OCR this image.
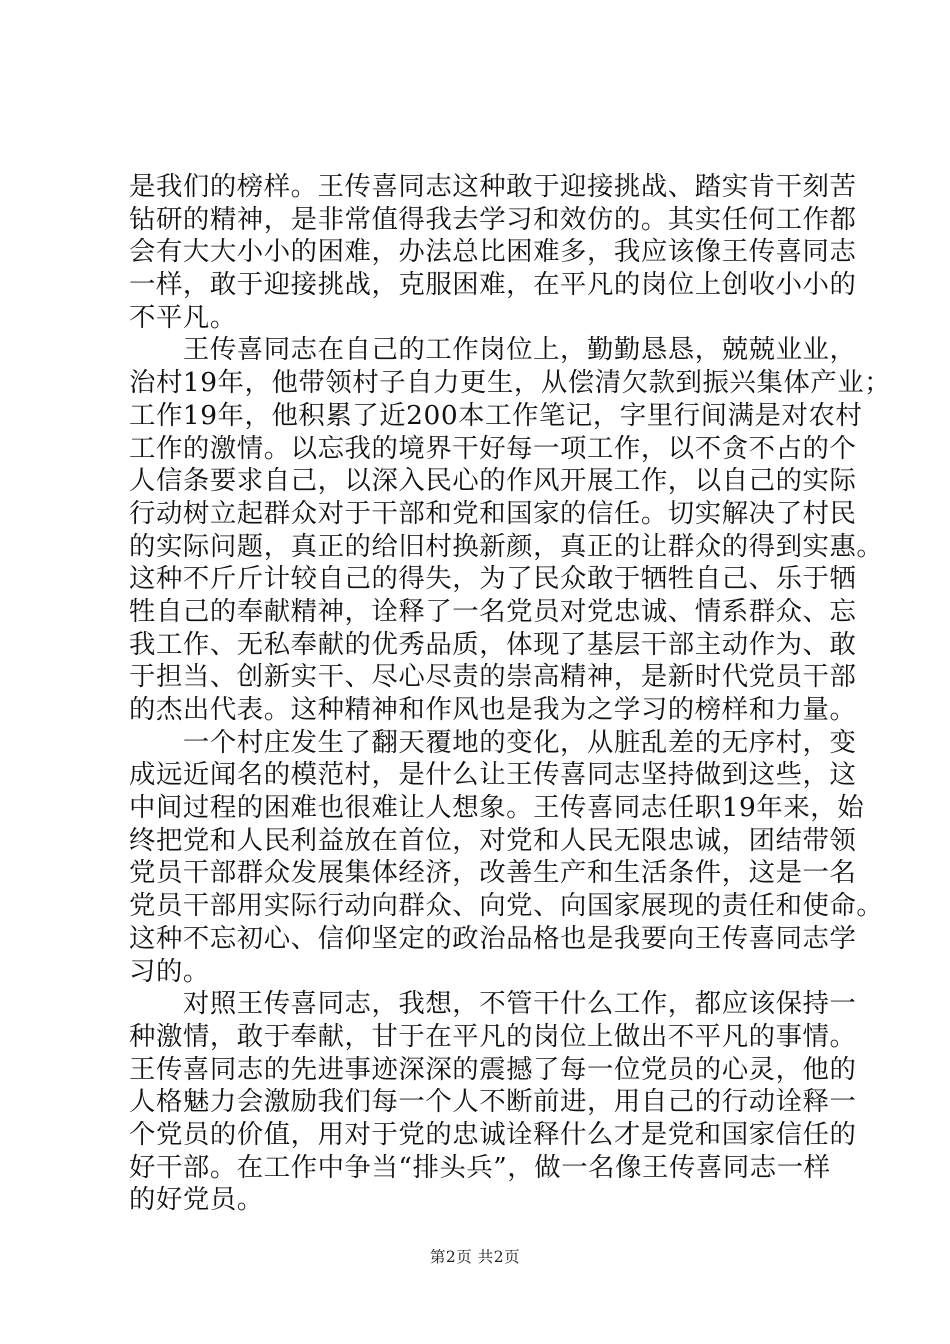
是我们的榜样。王传喜同志这种敢于迎接挑战、踏实肯干刻苦
钻研的精神，是非常值得我去学习和效仿的。其实任何工作都
会有大大小小的困难，办法总比困难多，我应该像王传喜同志
一样，敢于迎接挑战，克服困难，在平凡的岗位上创收小小的
不平凡。
　　王传喜同志在自己的工作岗位上，勤勤恳恳，兢兢业业，
治村19年，他带领村子自力更生，从偿清欠款到振兴集体产业；
工作19年，他积累了近200本工作笔记，字里行间满是对农村
工作的激情。以忘我的境界干好每一项工作，以不贪不占的个
人信条要求自己，以深入民心的作风开展工作，以自己的实际
行动树立起群众对于干部和党和国家的信任。切实解决了村民
的实际问题，真正的给旧村换新颜，真正的让群众的得到实惠。
这种不斤斤计较自己的得失，为了民众敢于牺牲自己、乐于牺
牲自己的奉献精神，诠释了一名党员对党忠诚、情系群众、忘
我工作、无私奉献的优秀品质，体现了基层干部主动作为、敢
于担当、创新实干、尽心尽责的崇高精神，是新时代党员干部
的杰出代表。这种精神和作风也是我为之学习的榜样和力量。
　　一个村庄发生了翻天覆地的变化，从脏乱差的无序村，变
成远近闻名的模范村，是什么让王传喜同志坚持做到这些，这
中间过程的困难也很难让人想象。王传喜同志任职19年来，始
终把党和人民利益放在首位，对党和人民无限忠诚，团结带领
党员干部群众发展集体经济，改善生产和生活条件，这是一名
党员干部用实际行动向群众、向党、向国家展现的责任和使命。
这种不忘初心、信仰坚定的政治品格也是我要向王传喜同志学
习的。
　　对照王传喜同志，我想，不管干什么工作，都应该保持一
种激情，敢于奉献，甘于在平凡的岗位上做出不平凡的事情。
王传喜同志的先进事迹深深的震撼了每一位党员的心灵，他的
人格魅力会激励我们每一个人不断前进，用自己的行动诠释一
个党员的价值，用对于党的忠诚诠释什么才是党和国家信任的
好干部。在工作中争当“排头兵”，做一名像王传喜同志一样
的好党员。
第2页 共2页
